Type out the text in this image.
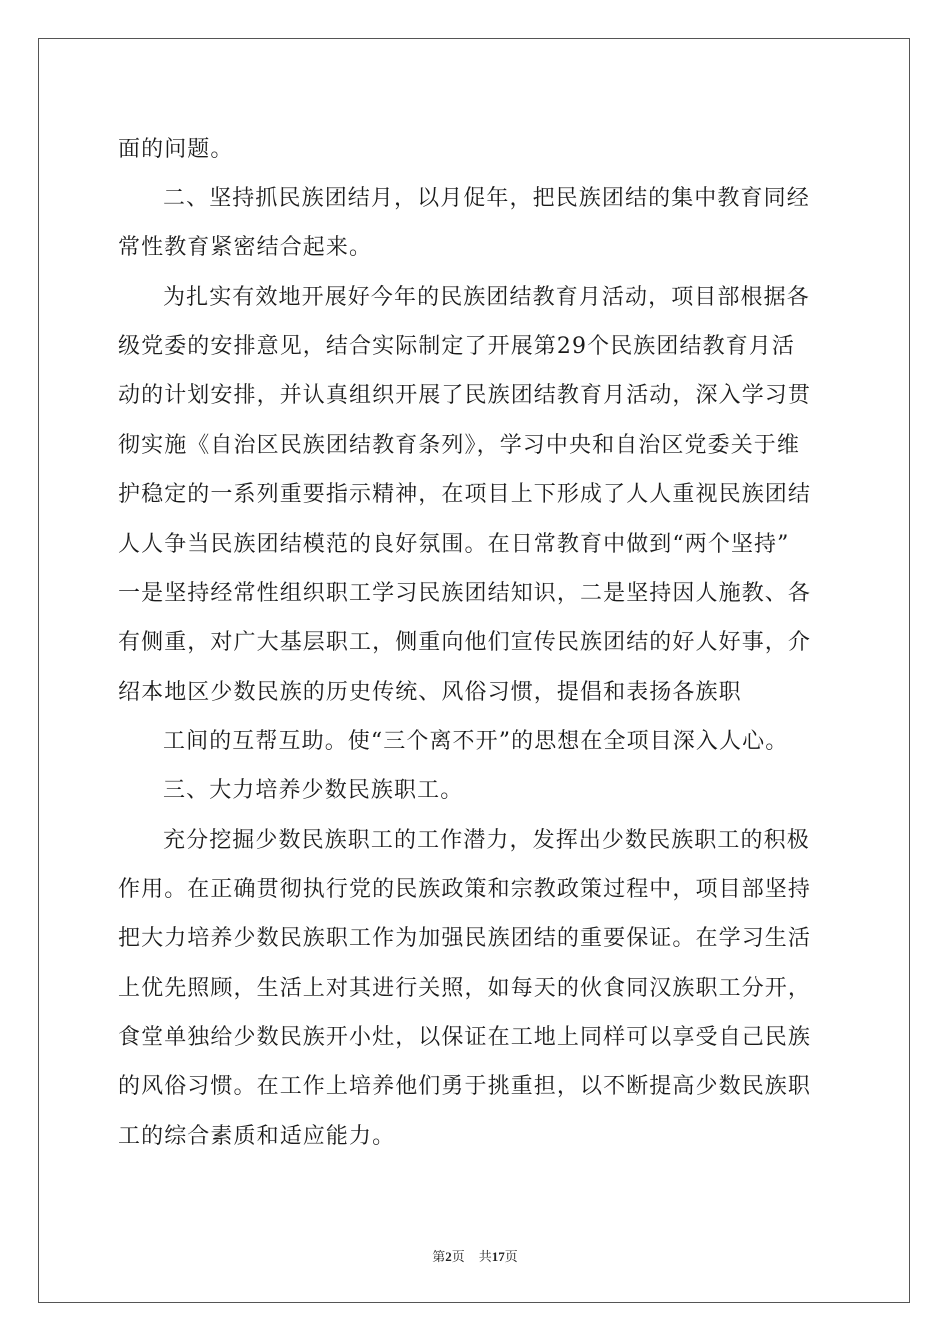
面的问题。
二、坚持抓民族团结月，以月促年，把民族团结的集中教育同经
常性教育紧密结合起来。
为扎实有效地开展好今年的民族团结教育月活动，项目部根据各
级党委的安排意见，结合实际制定了开展第29个民族团结教育月活
动的计划安排，并认真组织开展了民族团结教育月活动，深入学习贯
彻实施《自治区民族团结教育条列》，学习中央和自治区党委关于维
护稳定的一系列重要指示精神，在项目上下形成了人人重视民族团结
人人争当民族团结模范的良好氛围。在日常教育中做到“两个坚持”
一是坚持经常性组织职工学习民族团结知识，二是坚持因人施教、各
有侧重，对广大基层职工，侧重向他们宣传民族团结的好人好事，介
绍本地区少数民族的历史传统、风俗习惯，提倡和表扬各族职
工间的互帮互助。使“三个离不开”的思想在全项目深入人心。
三、大力培养少数民族职工。
充分挖掘少数民族职工的工作潜力，发挥出少数民族职工的积极
作用。在正确贯彻执行党的民族政策和宗教政策过程中，项目部坚持
把大力培养少数民族职工作为加强民族团结的重要保证。在学习生活
上优先照顾，生活上对其进行关照，如每天的伙食同汉族职工分开，
食堂单独给少数民族开小灶，以保证在工地上同样可以享受自己民族
的风俗习惯。在工作上培养他们勇于挑重担，以不断提高少数民族职
工的综合素质和适应能力。
第2页 共17页
